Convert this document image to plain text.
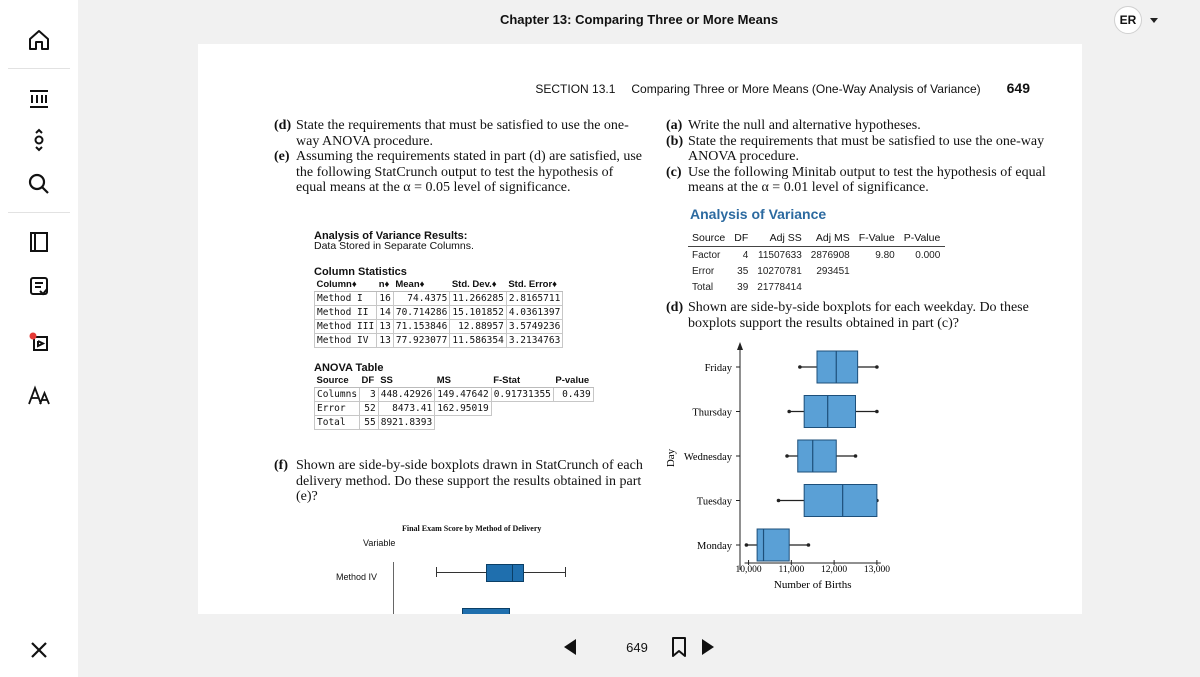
Chapter 13: Comparing Three or More Means	ER
SECTION 13.1 Comparing Three or More Means (One-Way Analysis of Variance) 649
(d) State the requirements that must be satisfied to use the one-way ANOVA procedure.
(e) Assuming the requirements stated in part (d) are satisfied, use the following StatCrunch output to test the hypothesis of equal means at the α = 0.05 level of significance.
Analysis of Variance Results:
Data Stored in Separate Columns.
Column Statistics
Column♦	n♦	Mean♦	Std. Dev.♦	Std. Error♦
Method I	16	74.4375	11.266285	2.8165711
Method II	14	70.714286	15.101852	4.0361397
Method III	13	71.153846	12.88957	3.5749236
Method IV	13	77.923077	11.586354	3.2134763
ANOVA Table
Source	DF	SS	MS	F-Stat	P-value
Columns	3	448.42926	149.47642	0.91731355	0.439
Error	52	8473.41	162.95019		
Total	55	8921.8393			
(f) Shown are side-by-side boxplots drawn in StatCrunch of each delivery method. Do these support the results obtained in part (e)?
Final Exam Score by Method of Delivery
Variable
Method IV
(a) Write the null and alternative hypotheses.
(b) State the requirements that must be satisfied to use the one-way ANOVA procedure.
(c) Use the following Minitab output to test the hypothesis of equal means at the α = 0.01 level of significance.
Analysis of Variance
Source	DF	Adj SS	Adj MS	F-Value	P-Value
Factor	4	11507633	2876908	9.80	0.000
Error	35	10270781	293451		
Total	39	21778414			
(d) Shown are side-by-side boxplots for each weekday. Do these boxplots support the results obtained in part (c)?
Day
10,000 11,000 12,000 13,000
Number of Births
Friday
Thursday
Wednesday
Tuesday
Monday
649
